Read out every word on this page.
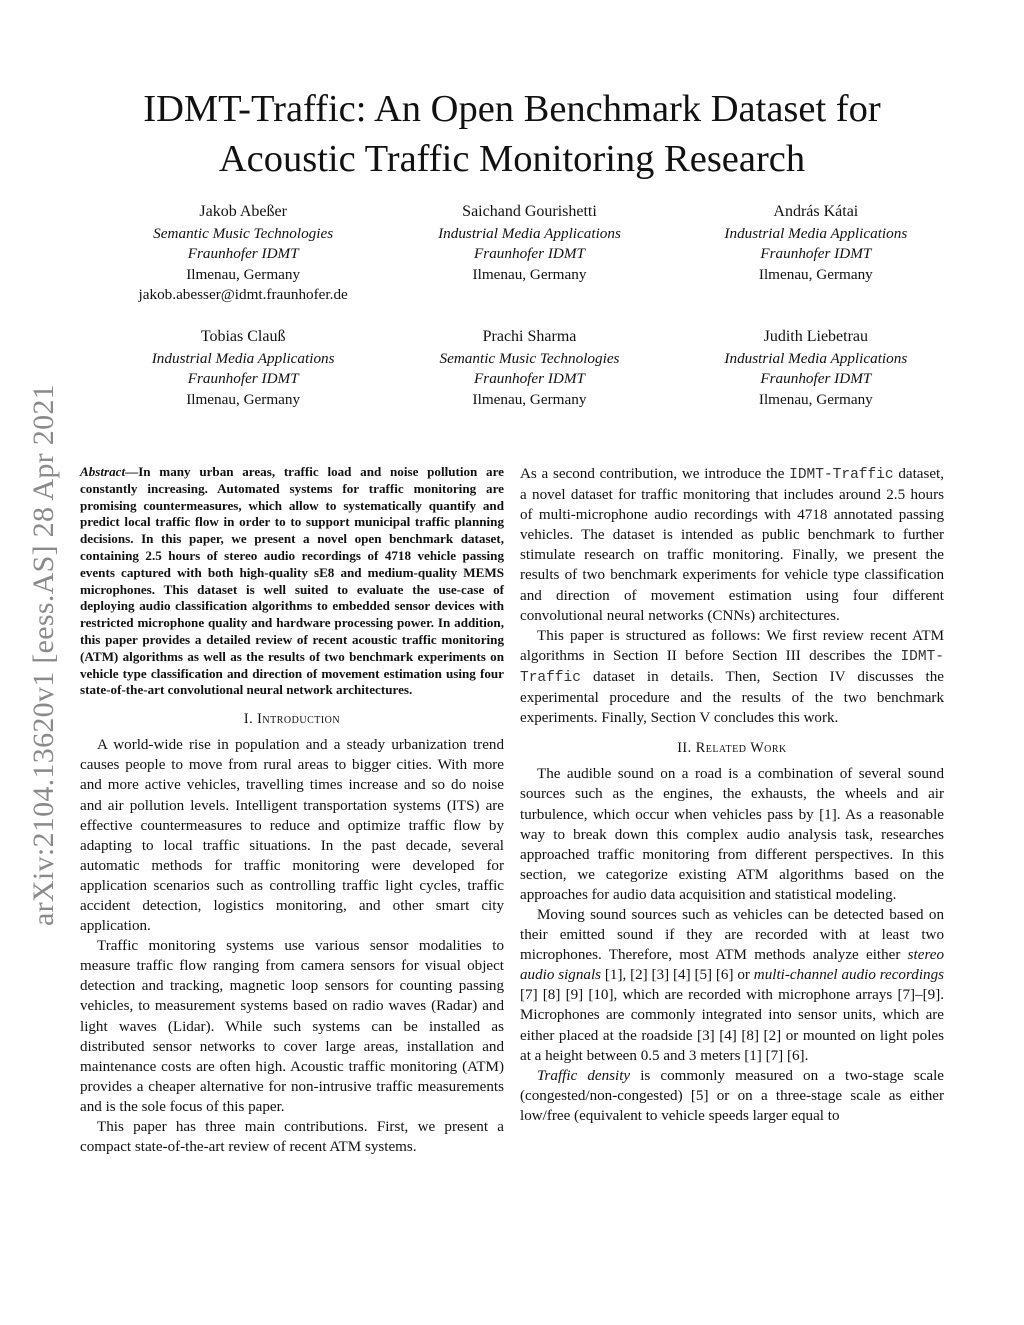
arXiv:2104.13620v1 [eess.AS] 28 Apr 2021
IDMT-Traffic: An Open Benchmark Dataset for
Acoustic Traffic Monitoring Research
Jakob Abeßer
Semantic Music Technologies
Fraunhofer IDMT
Ilmenau, Germany
jakob.abesser@idmt.fraunhofer.de
Saichand Gourishetti
Industrial Media Applications
Fraunhofer IDMT
Ilmenau, Germany
András Kátai
Industrial Media Applications
Fraunhofer IDMT
Ilmenau, Germany
Tobias Clauß
Industrial Media Applications
Fraunhofer IDMT
Ilmenau, Germany
Prachi Sharma
Semantic Music Technologies
Fraunhofer IDMT
Ilmenau, Germany
Judith Liebetrau
Industrial Media Applications
Fraunhofer IDMT
Ilmenau, Germany

Abstract—In many urban areas, traffic load and noise pollution are constantly increasing. Automated systems for traffic monitoring are promising countermeasures, which allow to systematically quantify and predict local traffic flow in order to to support municipal traffic planning decisions. In this paper, we present a novel open benchmark dataset, containing 2.5 hours of stereo audio recordings of 4718 vehicle passing events captured with both high-quality sE8 and medium-quality MEMS microphones. This dataset is well suited to evaluate the use-case of deploying audio classification algorithms to embedded sensor devices with restricted microphone quality and hardware processing power. In addition, this paper provides a detailed review of recent acoustic traffic monitoring (ATM) algorithms as well as the results of two benchmark experiments on vehicle type classification and direction of movement estimation using four state-of-the-art convolutional neural network architectures.

I. Introduction

A world-wide rise in population and a steady urbanization trend causes people to move from rural areas to bigger cities. With more and more active vehicles, travelling times increase and so do noise and air pollution levels. Intelligent transportation systems (ITS) are effective countermeasures to reduce and optimize traffic flow by adapting to local traffic situations. In the past decade, several automatic methods for traffic monitoring were developed for application scenarios such as controlling traffic light cycles, traffic accident detection, logistics monitoring, and other smart city application.

Traffic monitoring systems use various sensor modalities to measure traffic flow ranging from camera sensors for visual object detection and tracking, magnetic loop sensors for counting passing vehicles, to measurement systems based on radio waves (Radar) and light waves (Lidar). While such systems can be installed as distributed sensor networks to cover large areas, installation and maintenance costs are often high. Acoustic traffic monitoring (ATM) provides a cheaper alternative for non-intrusive traffic measurements and is the sole focus of this paper.

This paper has three main contributions. First, we present a compact state-of-the-art review of recent ATM systems.

As a second contribution, we introduce the IDMT-Traffic dataset, a novel dataset for traffic monitoring that includes around 2.5 hours of multi-microphone audio recordings with 4718 annotated passing vehicles. The dataset is intended as public benchmark to further stimulate research on traffic monitoring. Finally, we present the results of two benchmark experiments for vehicle type classification and direction of movement estimation using four different convolutional neural networks (CNNs) architectures.

This paper is structured as follows: We first review recent ATM algorithms in Section II before Section III describes the IDMT-Traffic dataset in details. Then, Section IV discusses the experimental procedure and the results of the two benchmark experiments. Finally, Section V concludes this work.

II. Related Work

The audible sound on a road is a combination of several sound sources such as the engines, the exhausts, the wheels and air turbulence, which occur when vehicles pass by [1]. As a reasonable way to break down this complex audio analysis task, researches approached traffic monitoring from different perspectives. In this section, we categorize existing ATM algorithms based on the approaches for audio data acquisition and statistical modeling.

Moving sound sources such as vehicles can be detected based on their emitted sound if they are recorded with at least two microphones. Therefore, most ATM methods analyze either stereo audio signals [1], [2] [3] [4] [5] [6] or multi-channel audio recordings [7] [8] [9] [10], which are recorded with microphone arrays [7]–[9]. Microphones are commonly integrated into sensor units, which are either placed at the roadside [3] [4] [8] [2] or mounted on light poles at a height between 0.5 and 3 meters [1] [7] [6].

Traffic density is commonly measured on a two-stage scale (congested/non-congested) [5] or on a three-stage scale as either low/free (equivalent to vehicle speeds larger equal to
